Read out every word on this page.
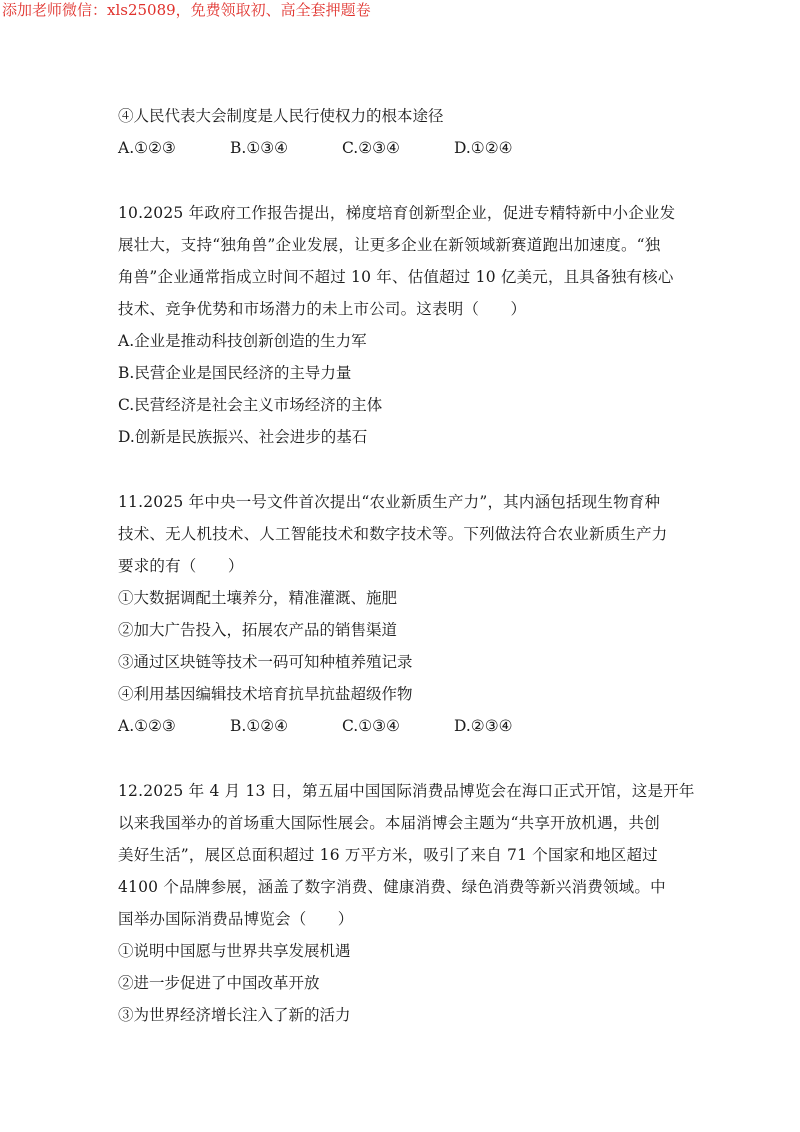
添加老师微信：xls25089，免费领取初、高全套押题卷
④人民代表大会制度是人民行使权力的根本途径
A.①②③	B.①③④	C.②③④	D.①②④
10.2025 年政府工作报告提出，梯度培育创新型企业，促进专精特新中小企业发
展壮大，支持“独角兽”企业发展，让更多企业在新领域新赛道跑出加速度。“独
角兽”企业通常指成立时间不超过 10 年、估值超过 10 亿美元，且具备独有核心
技术、竞争优势和市场潜力的未上市公司。这表明（　　）
A.企业是推动科技创新创造的生力军
B.民营企业是国民经济的主导力量
C.民营经济是社会主义市场经济的主体
D.创新是民族振兴、社会进步的基石
11.2025 年中央一号文件首次提出“农业新质生产力”，其内涵包括现生物育种
技术、无人机技术、人工智能技术和数字技术等。下列做法符合农业新质生产力
要求的有（　　）
①大数据调配土壤养分，精准灌溉、施肥
②加大广告投入，拓展农产品的销售渠道
③通过区块链等技术一码可知种植养殖记录
④利用基因编辑技术培育抗旱抗盐超级作物
A.①②③	B.①②④	C.①③④	D.②③④
12.2025 年 4 月 13 日，第五届中国国际消费品博览会在海口正式开馆，这是开年
以来我国举办的首场重大国际性展会。本届消博会主题为“共享开放机遇，共创
美好生活”，展区总面积超过 16 万平方米，吸引了来自 71 个国家和地区超过
4100 个品牌参展，涵盖了数字消费、健康消费、绿色消费等新兴消费领域。中
国举办国际消费品博览会（　　）
①说明中国愿与世界共享发展机遇
②进一步促进了中国改革开放
③为世界经济增长注入了新的活力
